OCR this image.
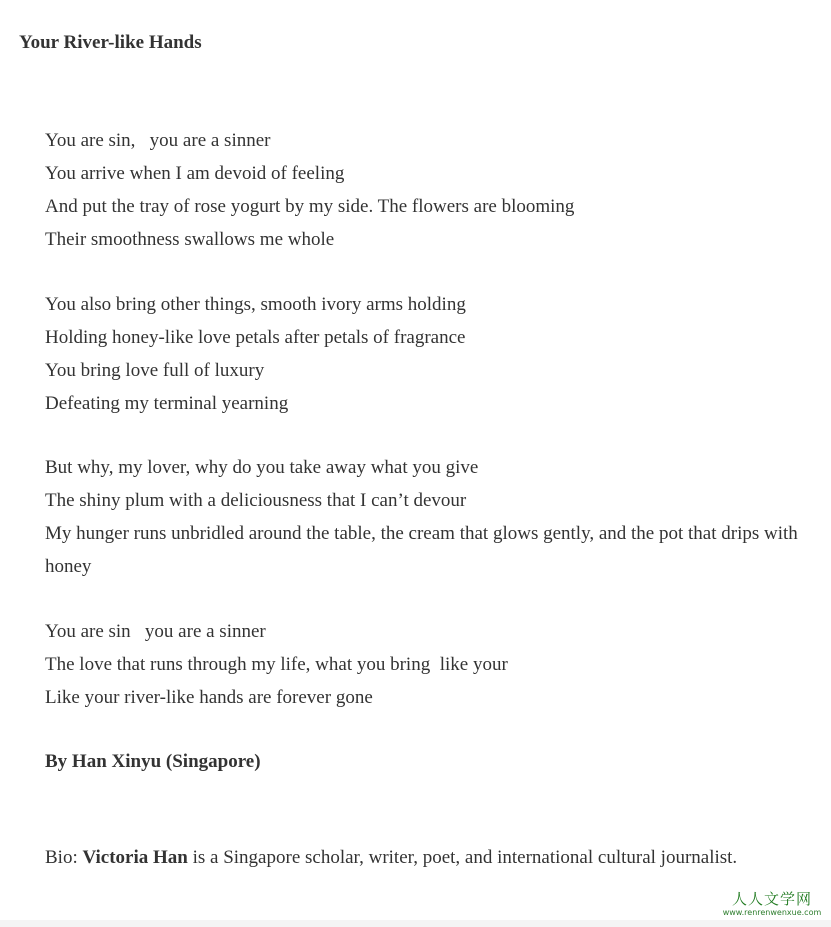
Your River-like Hands
You are sin,   you are a sinner
You arrive when I am devoid of feeling
And put the tray of rose yogurt by my side. The flowers are blooming
Their smoothness swallows me whole
You also bring other things, smooth ivory arms holding
Holding honey-like love petals after petals of fragrance
You bring love full of luxury
Defeating my terminal yearning
But why, my lover, why do you take away what you give
The shiny plum with a deliciousness that I can’t devour
My hunger runs unbridled around the table, the cream that glows gently, and the pot that drips with honey
You are sin   you are a sinner
The love that runs through my life, what you bring  like your
Like your river-like hands are forever gone

By Han Xinyu (Singapore)

Bio: Victoria Han is a Singapore scholar, writer, poet, and international cultural journalist.

人人文学网
www.renrenwenxue.com
